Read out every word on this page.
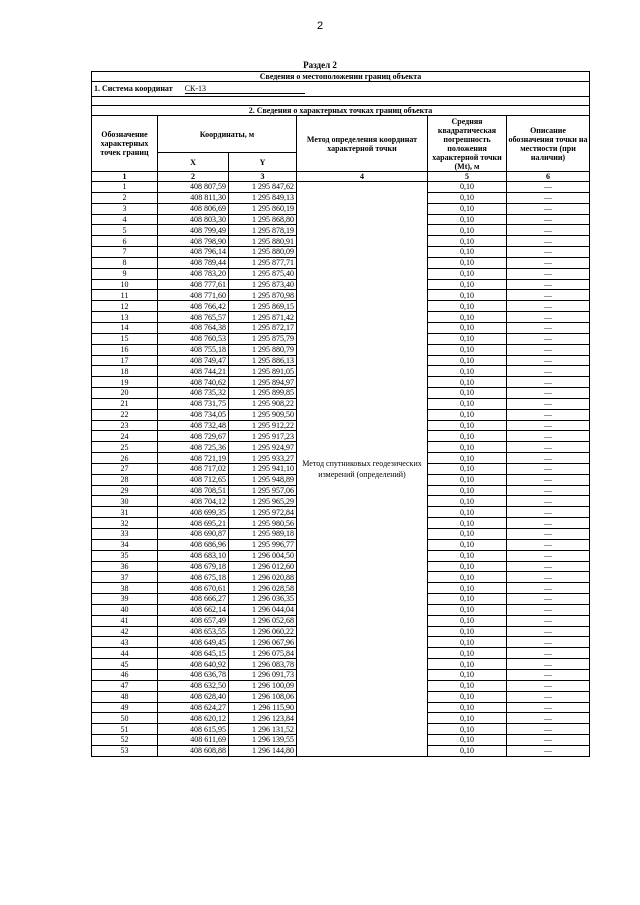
2
Раздел 2
Сведения о местоположении границ объекта					
1. Система координат СК-13					

2. Сведения о характерных точках границ объекта					
Обозначение характерных точек границ	Координаты, м		Метод определения координат характерной точки	Средняя квадратическая погрешность положения характерной точки (Mt), м	Описание обозначения точки на местности (при наличии)
	X	Y			
1	2	3	4	5	6
1	408 807,59	1 295 847,62	Метод спутниковых геодезических измерений (определений)	0,10	—
2	408 811,30	1 295 849,13		0,10	—
3	408 806,69	1 295 860,19		0,10	—
4	408 803,30	1 295 868,80		0,10	—
5	408 799,49	1 295 878,19		0,10	—
6	408 798,90	1 295 880,91		0,10	—
7	408 796,14	1 295 880,09		0,10	—
8	408 789,44	1 295 877,71		0,10	—
9	408 783,20	1 295 875,40		0,10	—
10	408 777,61	1 295 873,40		0,10	—
11	408 771,60	1 295 870,98		0,10	—
12	408 766,42	1 295 869,15		0,10	—
13	408 765,57	1 295 871,42		0,10	—
14	408 764,38	1 295 872,17		0,10	—
15	408 760,53	1 295 875,79		0,10	—
16	408 755,18	1 295 880,79		0,10	—
17	408 749,47	1 295 886,13		0,10	—
18	408 744,21	1 295 891,05		0,10	—
19	408 740,62	1 295 894,97		0,10	—
20	408 735,32	1 295 899,85		0,10	—
21	408 731,75	1 295 908,22		0,10	—
22	408 734,05	1 295 909,50		0,10	—
23	408 732,48	1 295 912,22		0,10	—
24	408 729,67	1 295 917,23		0,10	—
25	408 725,36	1 295 924,97		0,10	—
26	408 721,19	1 295 933,27		0,10	—
27	408 717,02	1 295 941,10		0,10	—
28	408 712,65	1 295 948,89		0,10	—
29	408 708,51	1 295 957,06		0,10	—
30	408 704,12	1 295 965,29		0,10	—
31	408 699,35	1 295 972,84		0,10	—
32	408 695,21	1 295 980,56		0,10	—
33	408 690,87	1 295 989,18		0,10	—
34	408 686,96	1 295 996,77		0,10	—
35	408 683,10	1 296 004,50		0,10	—
36	408 679,18	1 296 012,60		0,10	—
37	408 675,18	1 296 020,88		0,10	—
38	408 670,61	1 296 028,58		0,10	—
39	408 666,27	1 296 036,35		0,10	—
40	408 662,14	1 296 044,04		0,10	—
41	408 657,49	1 296 052,68		0,10	—
42	408 653,55	1 296 060,22		0,10	—
43	408 649,45	1 296 067,96		0,10	—
44	408 645,15	1 296 075,84		0,10	—
45	408 640,92	1 296 083,78		0,10	—
46	408 636,78	1 296 091,73		0,10	—
47	408 632,50	1 296 100,09		0,10	—
48	408 628,40	1 296 108,06		0,10	—
49	408 624,27	1 296 115,90		0,10	—
50	408 620,12	1 296 123,84		0,10	—
51	408 615,95	1 296 131,52		0,10	—
52	408 611,69	1 296 139,55		0,10	—
53	408 608,88	1 296 144,80		0,10	—
